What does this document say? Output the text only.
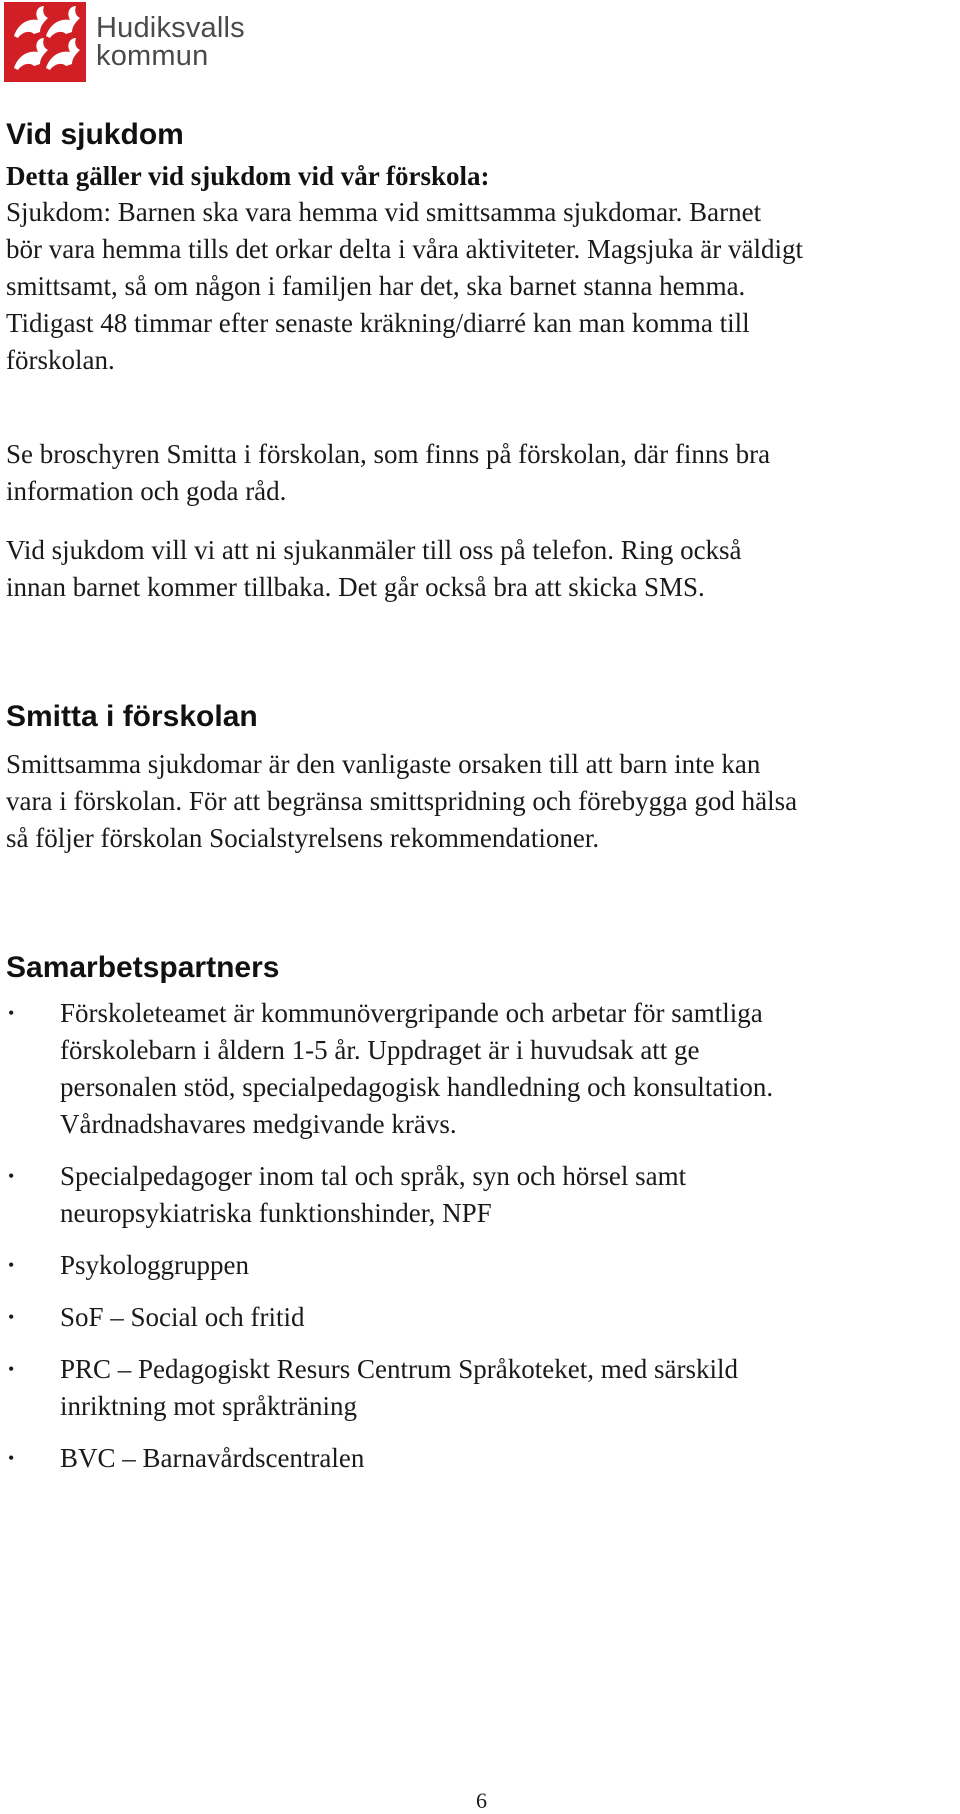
Hudiksvalls
kommun
Vid sjukdom
Detta gäller vid sjukdom vid vår förskola:
Sjukdom: Barnen ska vara hemma vid smittsamma sjukdomar. Barnet
bör vara hemma tills det orkar delta i våra aktiviteter. Magsjuka är väldigt
smittsamt, så om någon i familjen har det, ska barnet stanna hemma.
Tidigast 48 timmar efter senaste kräkning/diarré kan man komma till
förskolan.
Se broschyren Smitta i förskolan, som finns på förskolan, där finns bra
information och goda råd.
Vid sjukdom vill vi att ni sjukanmäler till oss på telefon. Ring också
innan barnet kommer tillbaka. Det går också bra att skicka SMS.
Smitta i förskolan
Smittsamma sjukdomar är den vanligaste orsaken till att barn inte kan
vara i förskolan. För att begränsa smittspridning och förebygga god hälsa
så följer förskolan Socialstyrelsens rekommendationer.
Samarbetspartners
• Förskoleteamet är kommunövergripande och arbetar för samtliga
förskolebarn i åldern 1-5 år. Uppdraget är i huvudsak att ge
personalen stöd, specialpedagogisk handledning och konsultation.
Vårdnadshavares medgivande krävs.
• Specialpedagoger inom tal och språk, syn och hörsel samt
neuropsykiatriska funktionshinder, NPF
• Psykologgruppen
• SoF – Social och fritid
• PRC – Pedagogiskt Resurs Centrum Språkoteket, med särskild
inriktning mot språkträning
• BVC – Barnavårdscentralen
6
